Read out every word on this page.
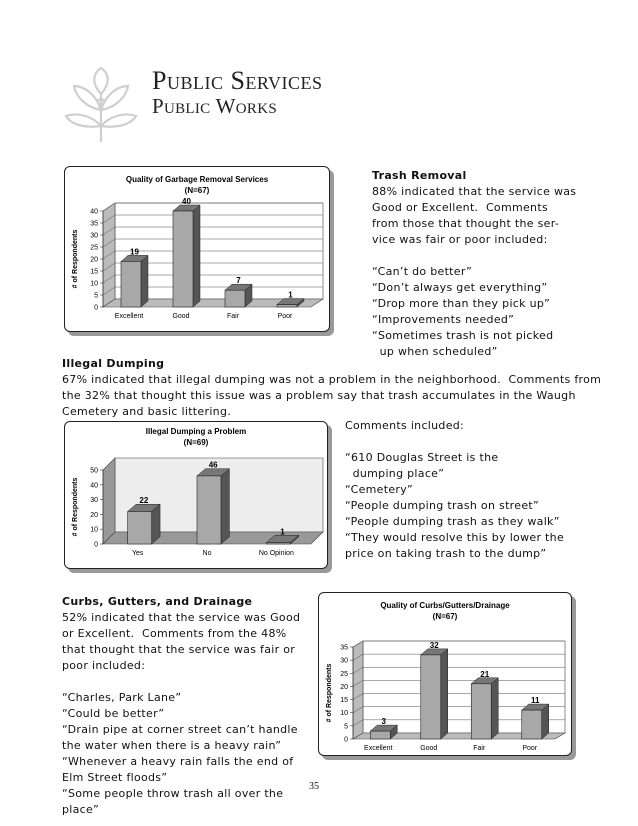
Public Services
Public Works
Quality of Garbage Removal Services
(N=67)
0
5
10
15
20
25
30
35
40
# of Respondents	19
Excellent
40
Good
7
Fair
1
Poor
Trash Removal
88% indicated that the service was
Good or Excellent.  Comments
from those that thought the ser-
vice was fair or poor included:

“Can’t do better”
“Don’t always get everything”
“Drop more than they pick up”
“Improvements needed”
“Sometimes trash is not picked
up when scheduled”
Illegal Dumping
67% indicated that illegal dumping was not a problem in the neighborhood.  Comments from
the 32% that thought this issue was a problem say that trash accumulates in the Waugh
Cemetery and basic littering.
Illegal Dumping a Problem
(N=69)
0
10
20
30
40
50
# of Respondents	22
Yes
46
No
1
No Opinion
Comments included:

“610 Douglas Street is the
dumping place”
“Cemetery”
“People dumping trash on street”
“People dumping trash as they walk”
“They would resolve this by lower the
price on taking trash to the dump”
Curbs, Gutters, and Drainage
52% indicated that the service was Good
or Excellent.  Comments from the 48%
that thought that the service was fair or
poor included:

“Charles, Park Lane”
“Could be better”
“Drain pipe at corner street can’t handle
the water when there is a heavy rain”
“Whenever a heavy rain falls the end of
Elm Street floods”
“Some people throw trash all over the
place”
Quality of Curbs/Gutters/Drainage
(N=67)
0
5
10
15
20
25
30
35
# of Respondents	3
Excellent
32
Good
21
Fair
11
Poor
35
